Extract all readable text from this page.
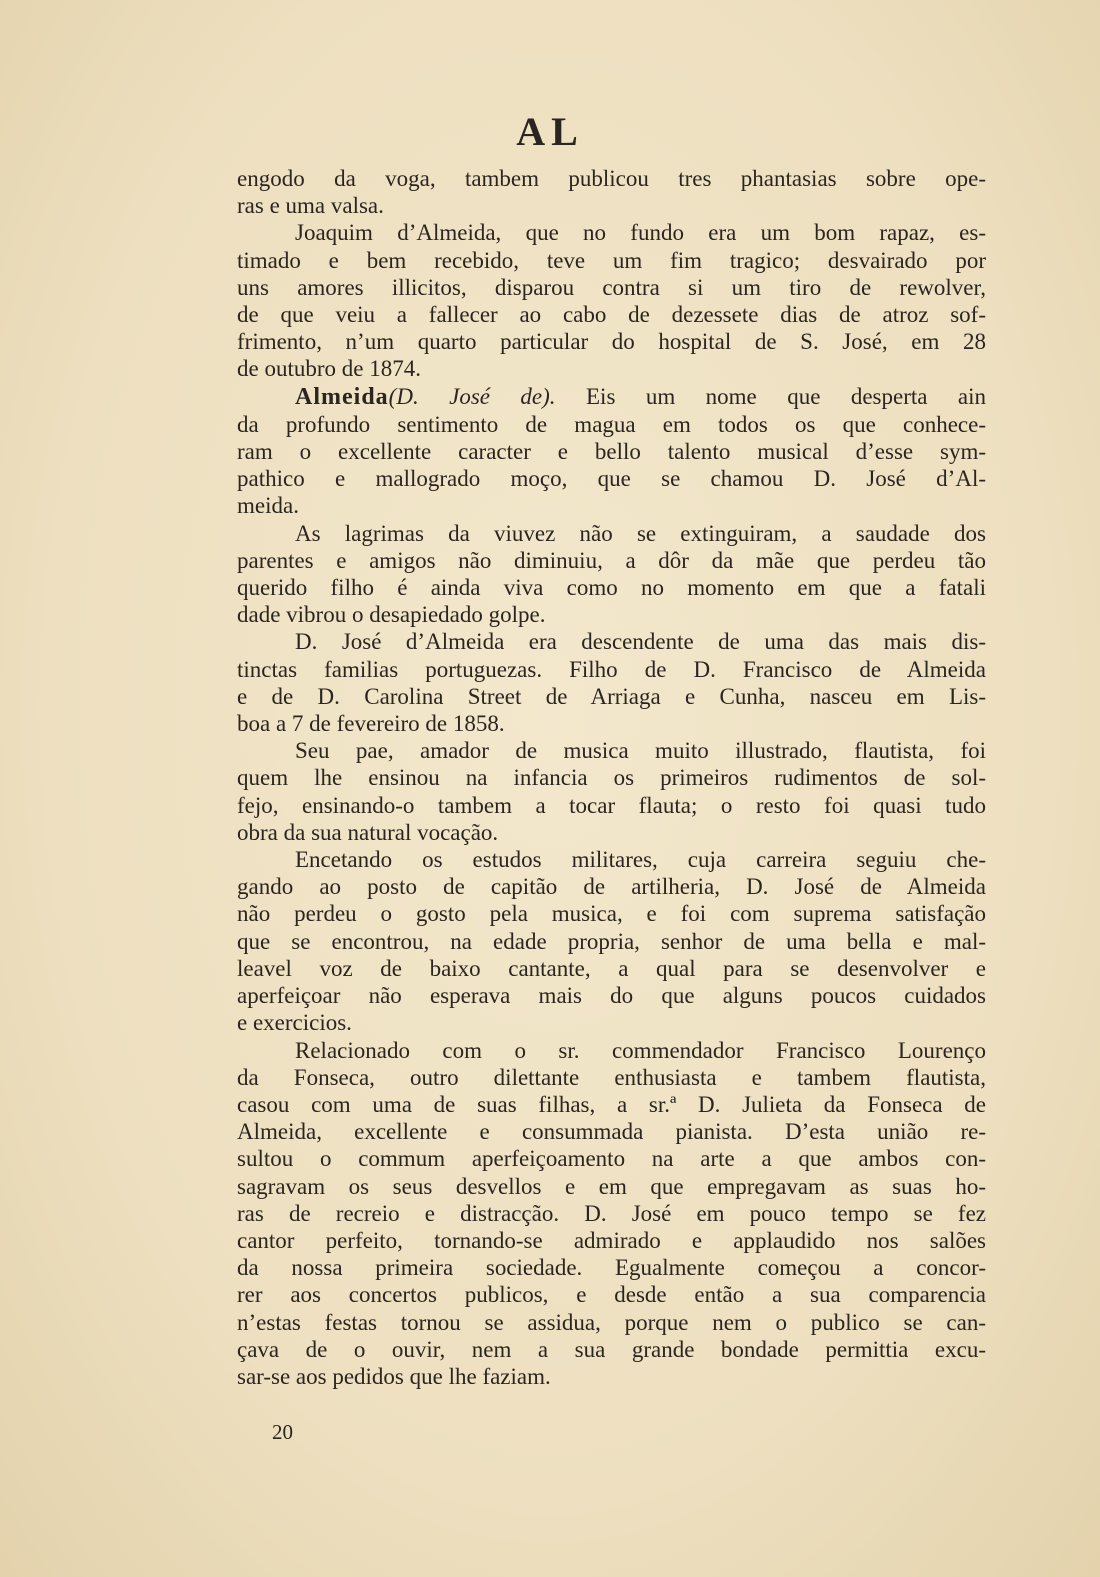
AL
engodo da voga, tambem publicou tres phantasias sobre ope-
ras e uma valsa.
Joaquim d’Almeida, que no fundo era um bom rapaz, es-
timado e bem recebido, teve um fim tragico; desvairado por
uns amores illicitos, disparou contra si um tiro de rewolver,
de que veiu a fallecer ao cabo de dezessete dias de atroz sof-
frimento, n’um quarto particular do hospital de S. José, em 28
de outubro de 1874.
Almeida(D. José de). Eis um nome que desperta ain
da profundo sentimento de magua em todos os que conhece-
ram o excellente caracter e bello talento musical d’esse sym-
pathico e mallogrado moço, que se chamou D. José d’Al-
meida.
As lagrimas da viuvez não se extinguiram, a saudade dos
parentes e amigos não diminuiu, a dôr da mãe que perdeu tão
querido filho é ainda viva como no momento em que a fatali
dade vibrou o desapiedado golpe.
D. José d’Almeida era descendente de uma das mais dis-
tinctas familias portuguezas. Filho de D. Francisco de Almeida
e de D. Carolina Street de Arriaga e Cunha, nasceu em Lis-
boa a 7 de fevereiro de 1858.
Seu pae, amador de musica muito illustrado, flautista, foi
quem lhe ensinou na infancia os primeiros rudimentos de sol-
fejo, ensinando-o tambem a tocar flauta; o resto foi quasi tudo
obra da sua natural vocação.
Encetando os estudos militares, cuja carreira seguiu che-
gando ao posto de capitão de artilheria, D. José de Almeida
não perdeu o gosto pela musica, e foi com suprema satisfação
que se encontrou, na edade propria, senhor de uma bella e mal-
leavel voz de baixo cantante, a qual para se desenvolver e
aperfeiçoar não esperava mais do que alguns poucos cuidados
e exercicios.
Relacionado com o sr. commendador Francisco Lourenço
da Fonseca, outro dilettante enthusiasta e tambem flautista,
casou com uma de suas filhas, a sr.ª D. Julieta da Fonseca de
Almeida, excellente e consummada pianista. D’esta união re-
sultou o commum aperfeiçoamento na arte a que ambos con-
sagravam os seus desvellos e em que empregavam as suas ho-
ras de recreio e distracção. D. José em pouco tempo se fez
cantor perfeito, tornando-se admirado e applaudido nos salões
da nossa primeira sociedade. Egualmente começou a concor-
rer aos concertos publicos, e desde então a sua comparencia
n’estas festas tornou se assidua, porque nem o publico se can-
çava de o ouvir, nem a sua grande bondade permittia excu-
sar-se aos pedidos que lhe faziam.
20
